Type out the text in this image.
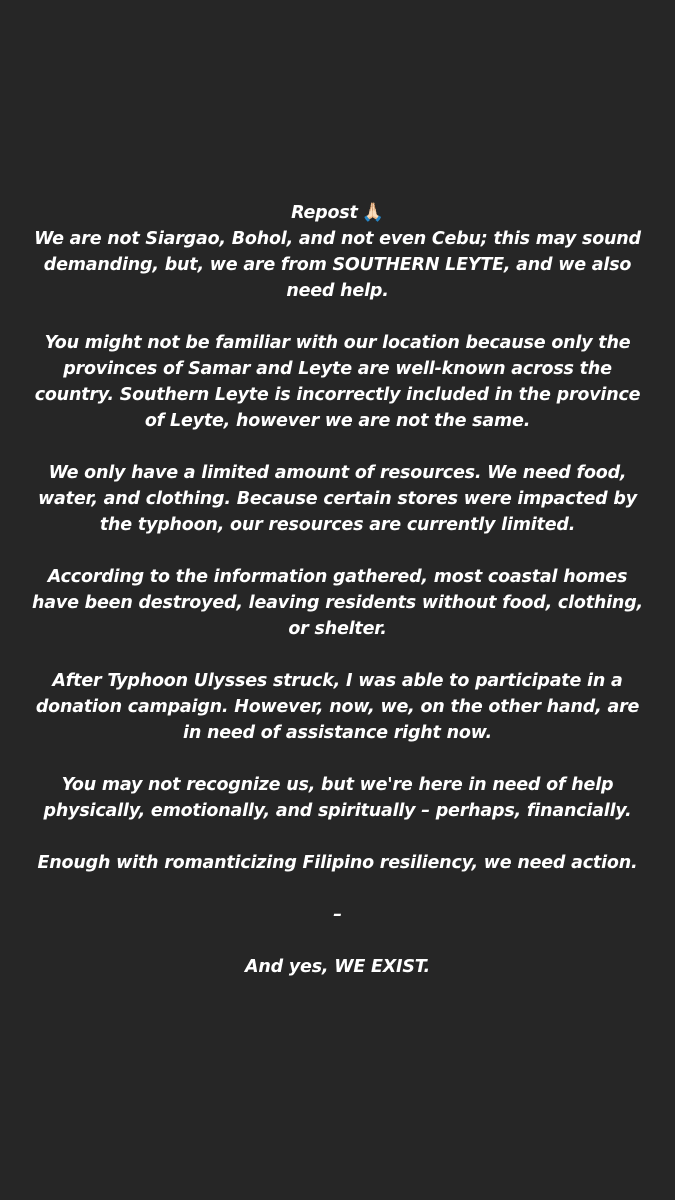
Repost 🙏🏻
We are not Siargao, Bohol, and not even Cebu; this may sound demanding, but, we are from SOUTHERN LEYTE, and we also need help.

You might not be familiar with our location because only the provinces of Samar and Leyte are well-known across the country. Southern Leyte is incorrectly included in the province of Leyte, however we are not the same.

We only have a limited amount of resources. We need food, water, and clothing. Because certain stores were impacted by the typhoon, our resources are currently limited.

According to the information gathered, most coastal homes have been destroyed, leaving residents without food, clothing, or shelter.

After Typhoon Ulysses struck, I was able to participate in a donation campaign. However, now, we, on the other hand, are in need of assistance right now.

You may not recognize us, but we're here in need of help physically, emotionally, and spiritually – perhaps, financially.

Enough with romanticizing Filipino resiliency, we need action.

–

And yes, WE EXIST.
